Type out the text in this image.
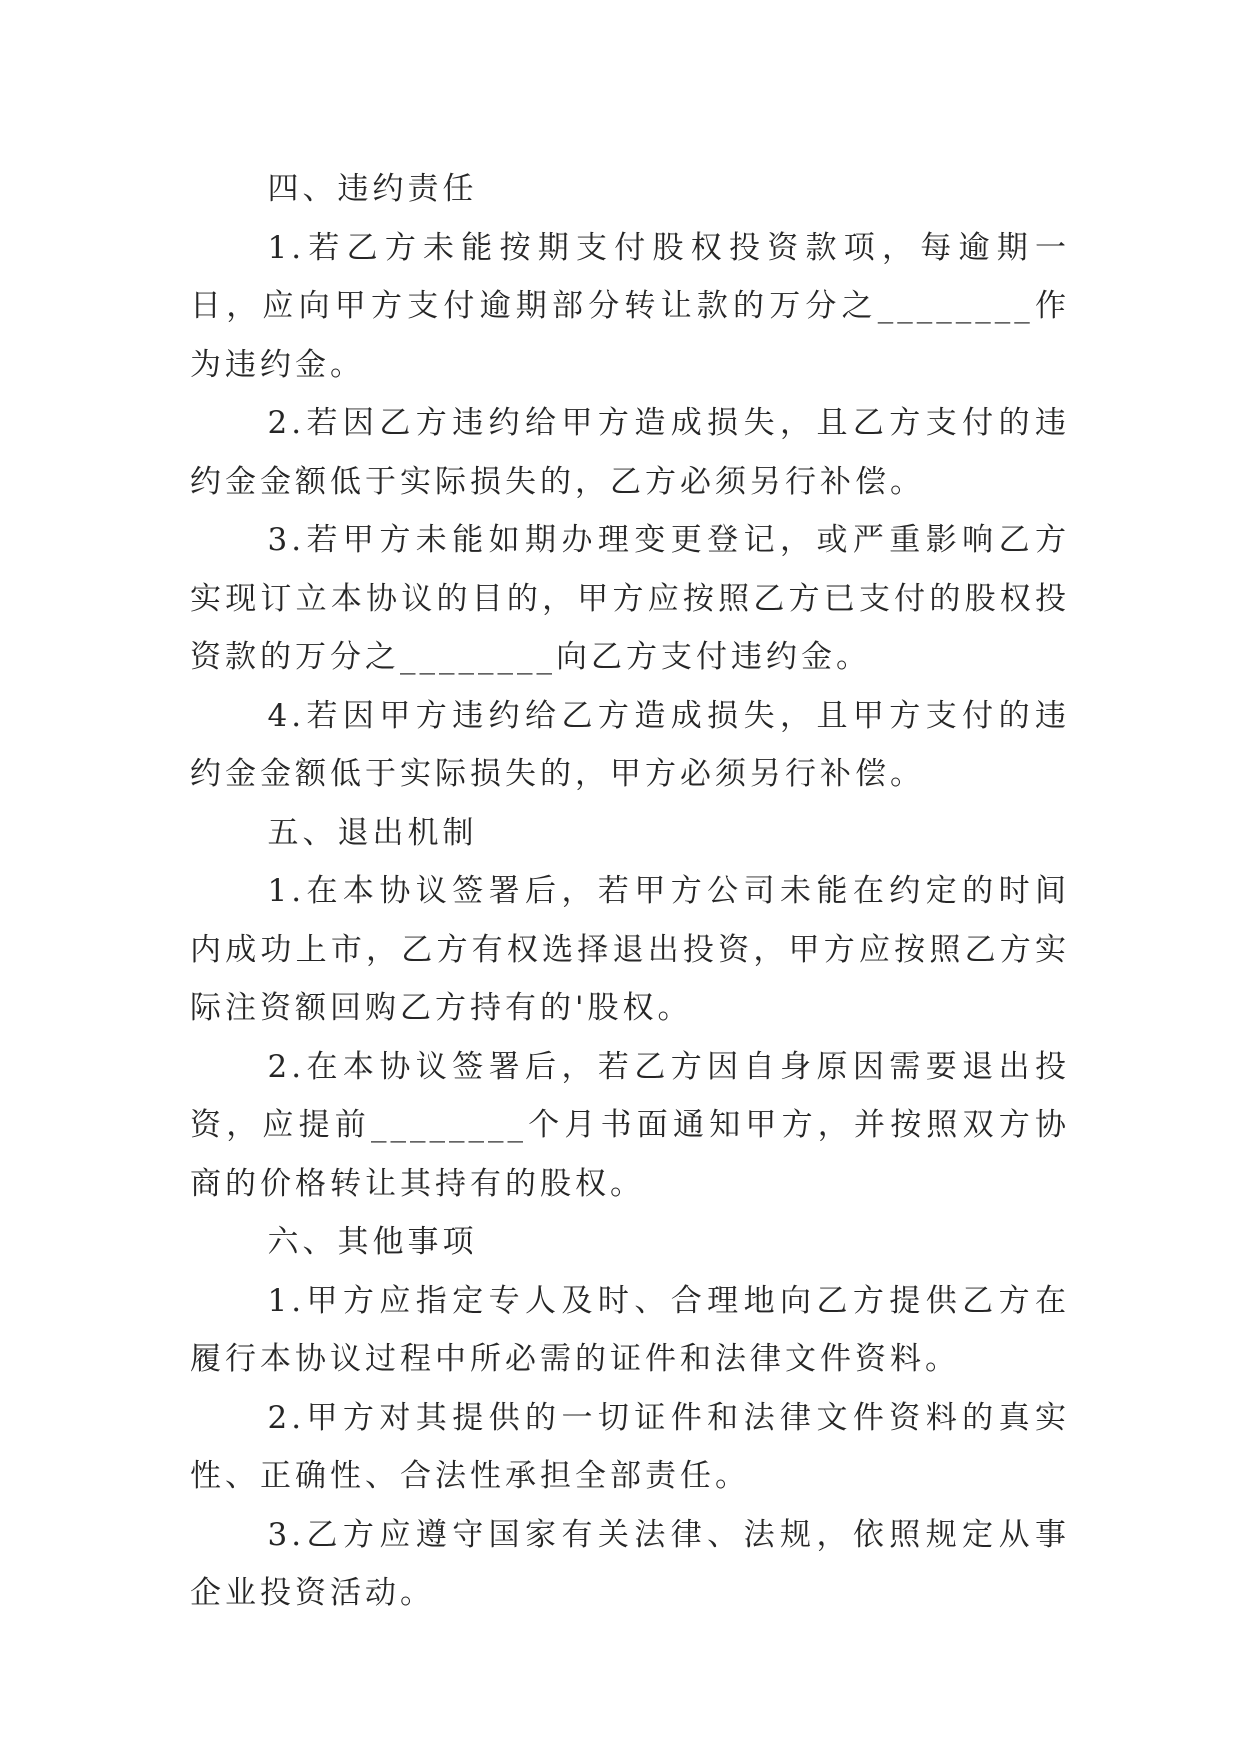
四、违约责任

1.若乙方未能按期支付股权投资款项，每逾期一日，应向甲方支付逾期部分转让款的万分之________作为违约金。

2.若因乙方违约给甲方造成损失，且乙方支付的违约金金额低于实际损失的，乙方必须另行补偿。

3.若甲方未能如期办理变更登记，或严重影响乙方实现订立本协议的目的，甲方应按照乙方已支付的股权投资款的万分之________向乙方支付违约金。

4.若因甲方违约给乙方造成损失，且甲方支付的违约金金额低于实际损失的，甲方必须另行补偿。

五、退出机制

1.在本协议签署后，若甲方公司未能在约定的时间内成功上市，乙方有权选择退出投资，甲方应按照乙方实际注资额回购乙方持有的'股权。

2.在本协议签署后，若乙方因自身原因需要退出投资，应提前________个月书面通知甲方，并按照双方协商的价格转让其持有的股权。

六、其他事项

1.甲方应指定专人及时、合理地向乙方提供乙方在履行本协议过程中所必需的证件和法律文件资料。

2.甲方对其提供的一切证件和法律文件资料的真实性、正确性、合法性承担全部责任。

3.乙方应遵守国家有关法律、法规，依照规定从事企业投资活动。
